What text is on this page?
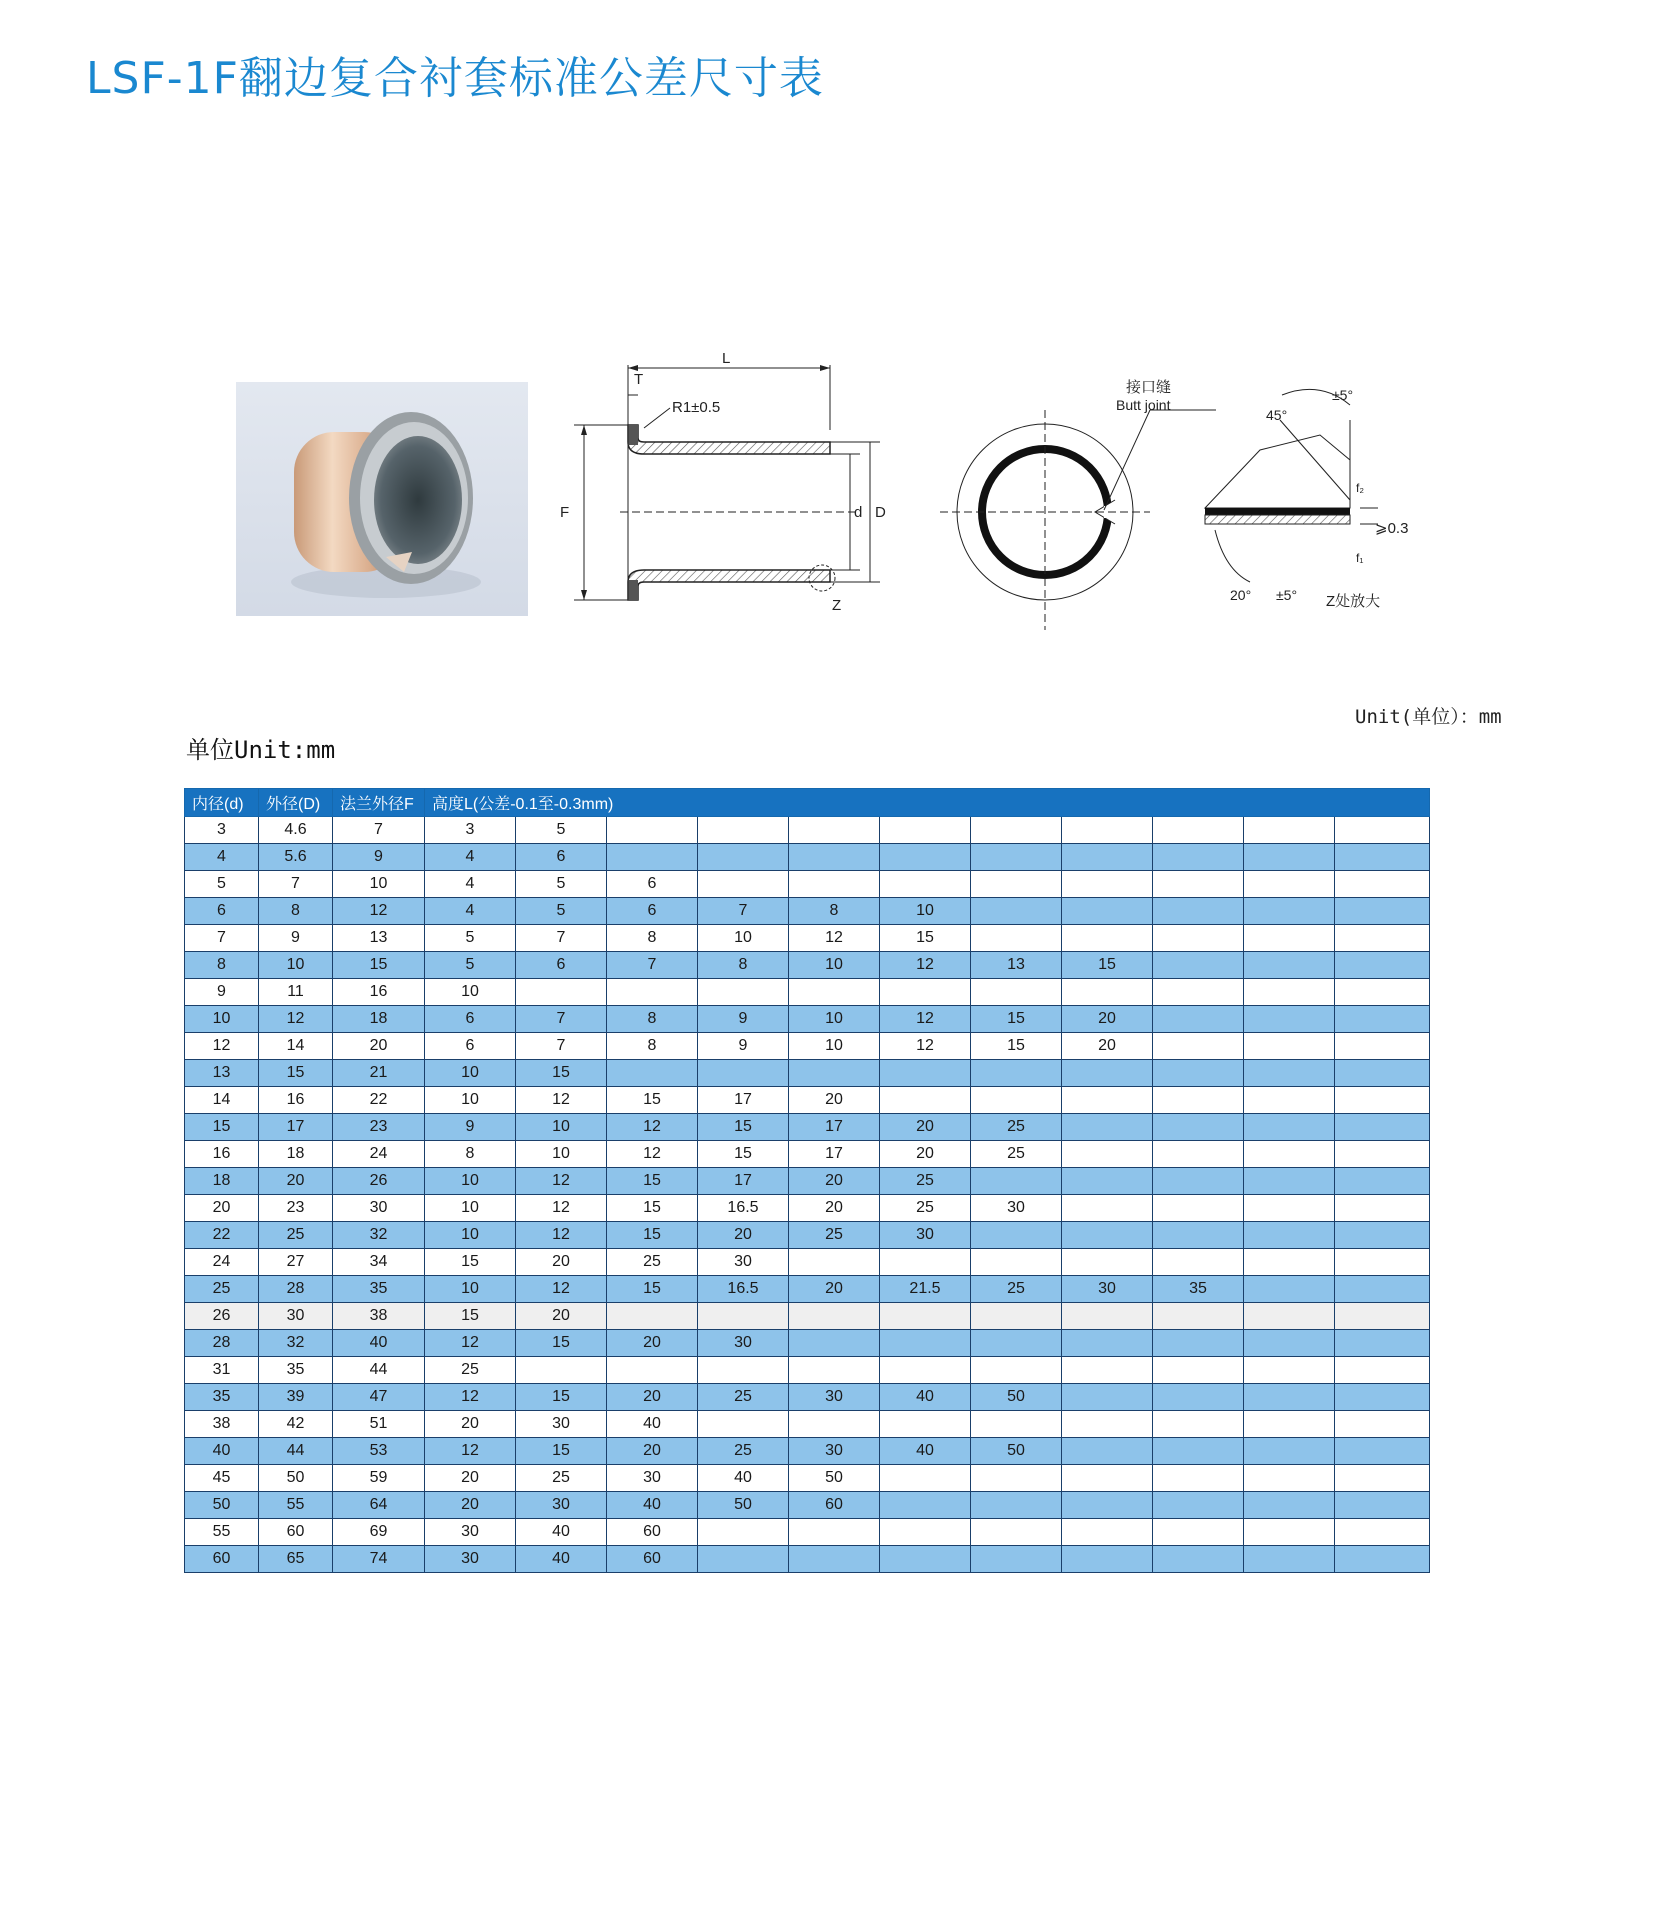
LSF-1F翻边复合衬套标准公差尺寸表
L
T
R1±0.5
F	d D
Z
接口缝
Butt joint
45°
±5°
f₂
f₁
⩾0.3
20° ±5° Z处放大
Unit(单位）：mm
单位Unit:mm
内径(d)	外径(D)	法兰外径F	高度L(公差-0.1至-0.3mm)										
3	4.6	7	3	5									
4	5.6	9	4	6									
5	7	10	4	5	6								
6	8	12	4	5	6	7	8	10					
7	9	13	5	7	8	10	12	15					
8	10	15	5	6	7	8	10	12	13	15			
9	11	16	10										
10	12	18	6	7	8	9	10	12	15	20			
12	14	20	6	7	8	9	10	12	15	20			
13	15	21	10	15									
14	16	22	10	12	15	17	20						
15	17	23	9	10	12	15	17	20	25				
16	18	24	8	10	12	15	17	20	25				
18	20	26	10	12	15	17	20	25					
20	23	30	10	12	15	16.5	20	25	30				
22	25	32	10	12	15	20	25	30					
24	27	34	15	20	25	30							
25	28	35	10	12	15	16.5	20	21.5	25	30	35		
26	30	38	15	20									
28	32	40	12	15	20	30							
31	35	44	25										
35	39	47	12	15	20	25	30	40	50				
38	42	51	20	30	40								
40	44	53	12	15	20	25	30	40	50				
45	50	59	20	25	30	40	50						
50	55	64	20	30	40	50	60						
55	60	69	30	40	60								
60	65	74	30	40	60								
